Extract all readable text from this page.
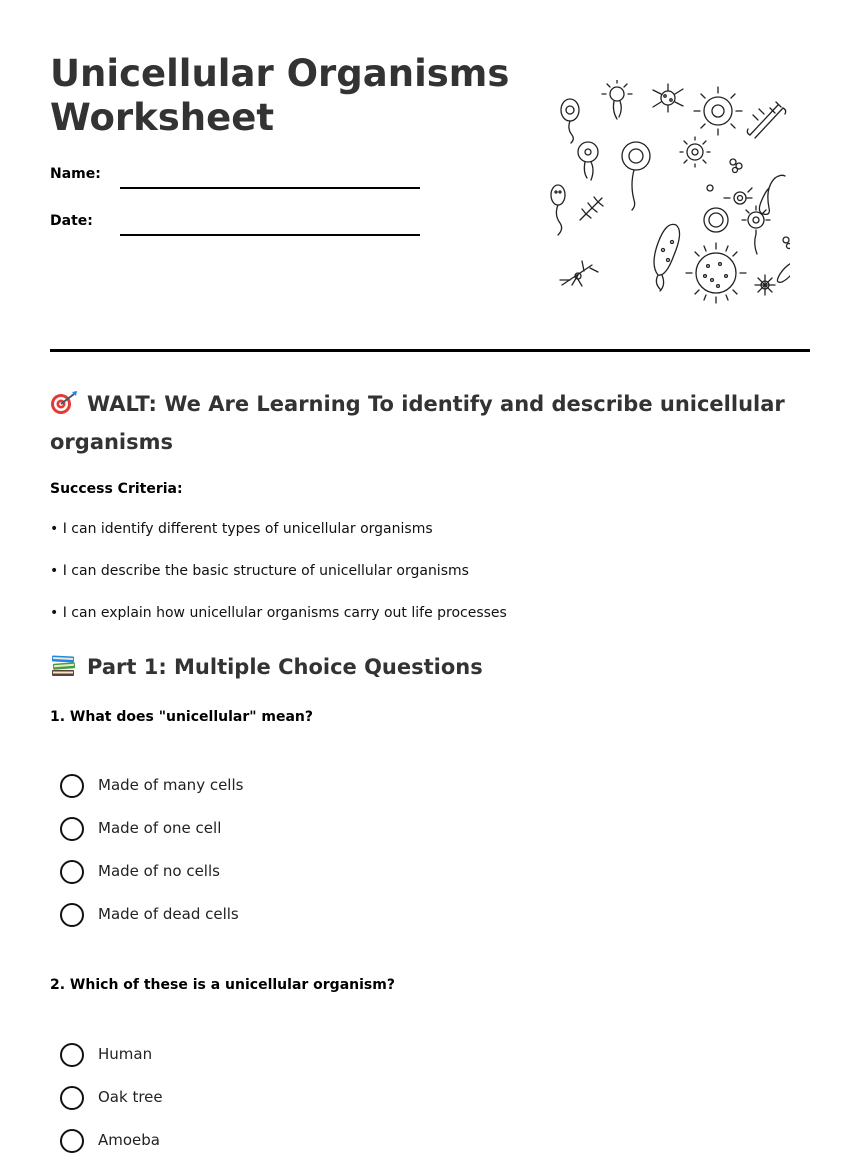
Unicellular Organisms Worksheet
Name:
Date:
WALT: We Are Learning To identify and describe unicellular organisms
Success Criteria:
• I can identify different types of unicellular organisms
• I can describe the basic structure of unicellular organisms
• I can explain how unicellular organisms carry out life processes
Part 1: Multiple Choice Questions
1. What does "unicellular" mean?
Made of many cells
Made of one cell
Made of no cells
Made of dead cells
2. Which of these is a unicellular organism?
Human
Oak tree
Amoeba
